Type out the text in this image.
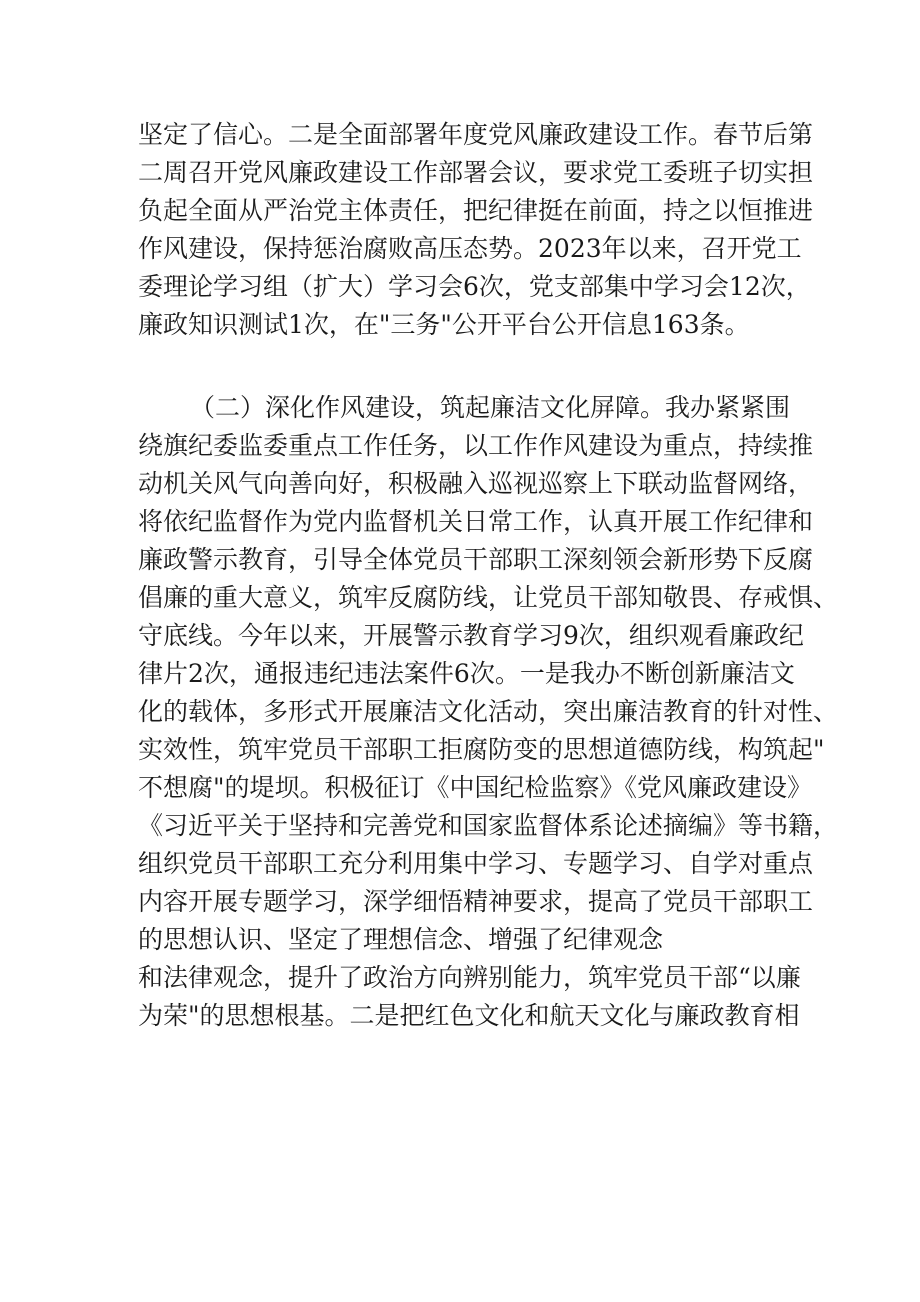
坚定了信心。二是全面部署年度党风廉政建设工作。春节后第
二周召开党风廉政建设工作部署会议，要求党工委班子切实担
负起全面从严治党主体责任，把纪律挺在前面，持之以恒推进
作风建设，保持惩治腐败高压态势。2023年以来，召开党工
委理论学习组（扩大）学习会6次，党支部集中学习会12次，
廉政知识测试1次，在"三务"公开平台公开信息163条。
（二）深化作风建设，筑起廉洁文化屏障。我办紧紧围
绕旗纪委监委重点工作任务，以工作作风建设为重点，持续推
动机关风气向善向好，积极融入巡视巡察上下联动监督网络，
将依纪监督作为党内监督机关日常工作，认真开展工作纪律和
廉政警示教育，引导全体党员干部职工深刻领会新形势下反腐
倡廉的重大意义，筑牢反腐防线，让党员干部知敬畏、存戒惧、
守底线。今年以来，开展警示教育学习9次，组织观看廉政纪
律片2次，通报违纪违法案件6次。一是我办不断创新廉洁文
化的载体，多形式开展廉洁文化活动，突出廉洁教育的针对性、
实效性，筑牢党员干部职工拒腐防变的思想道德防线，构筑起"
不想腐"的堤坝。积极征订《中国纪检监察》《党风廉政建设》
《习近平关于坚持和完善党和国家监督体系论述摘编》等书籍，
组织党员干部职工充分利用集中学习、专题学习、自学对重点
内容开展专题学习，深学细悟精神要求，提高了党员干部职工
的思想认识、坚定了理想信念、增强了纪律观念
和法律观念，提升了政治方向辨别能力，筑牢党员干部“以廉
为荣"的思想根基。二是把红色文化和航天文化与廉政教育相
